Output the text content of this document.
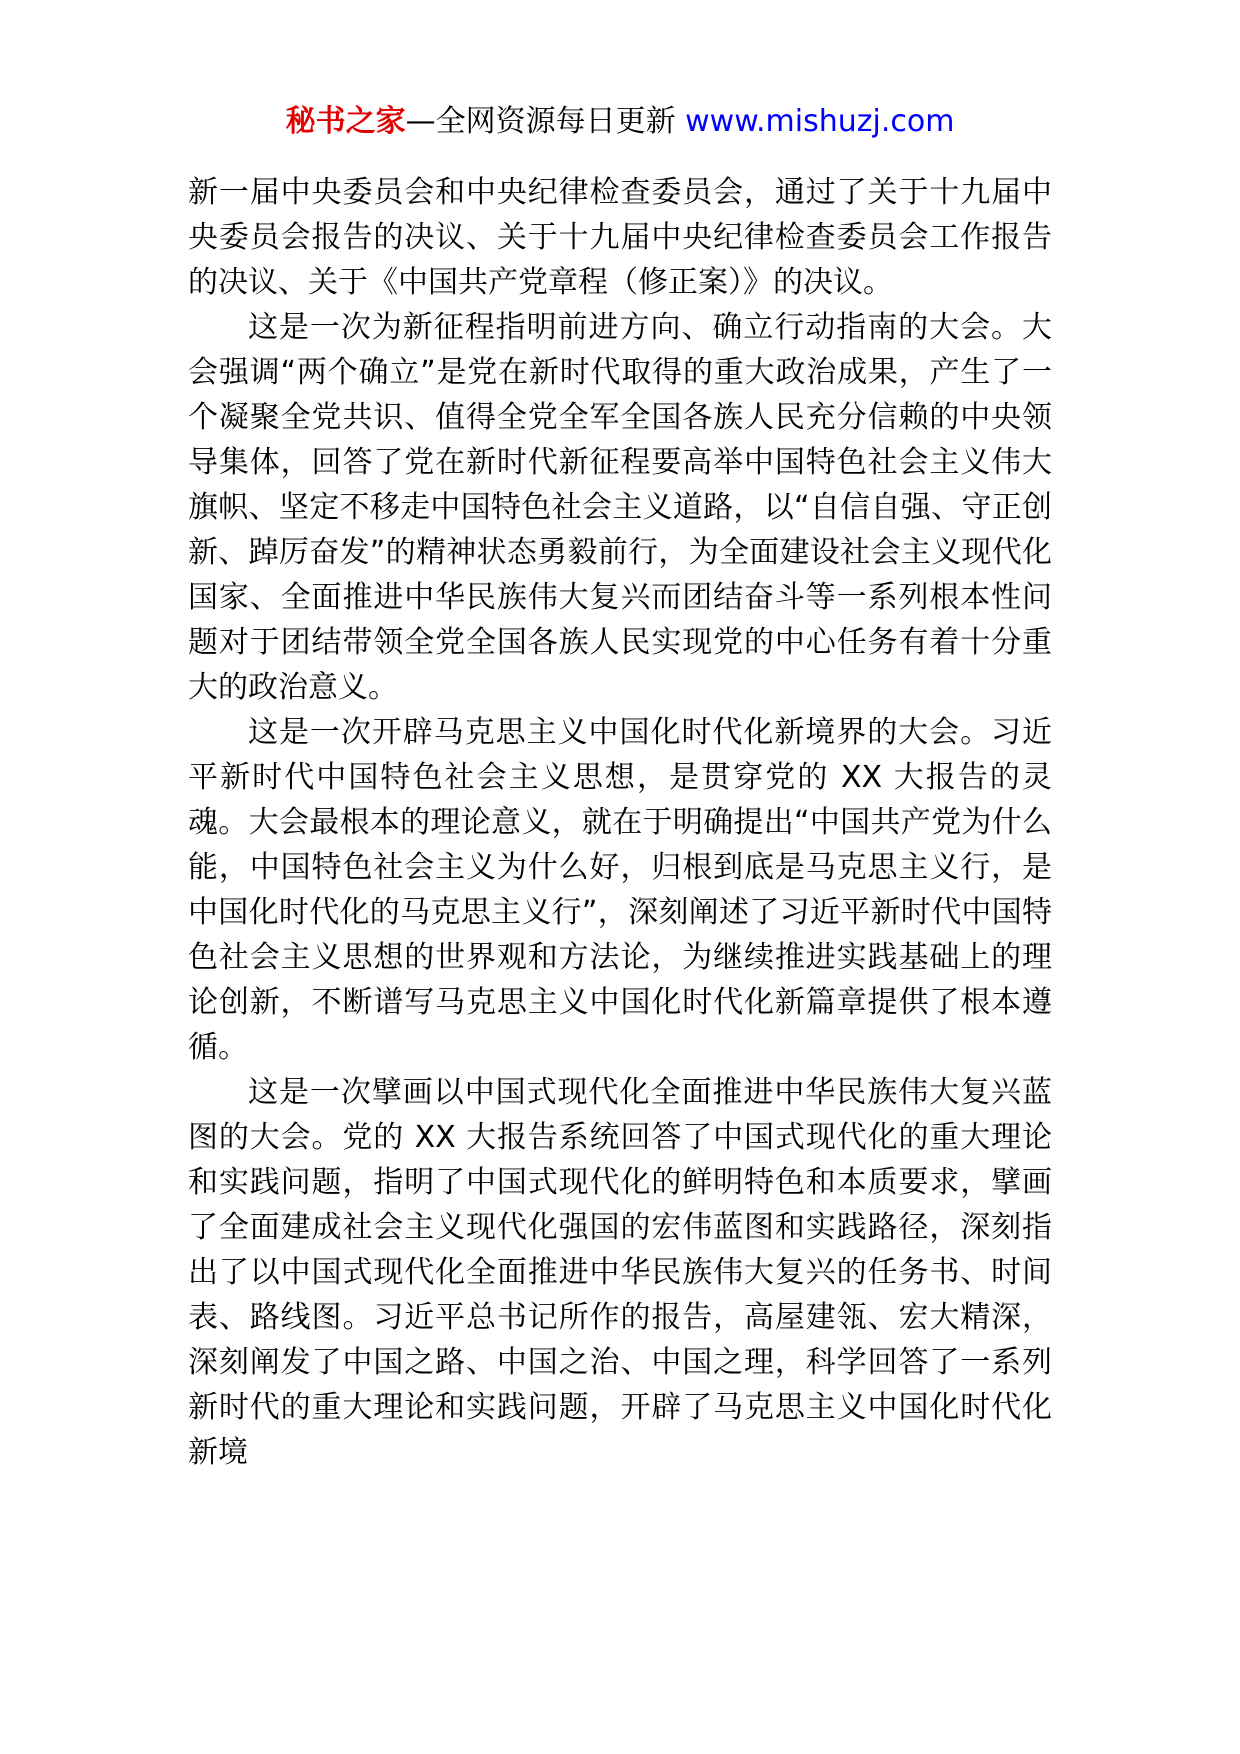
秘书之家—全网资源每日更新 www.mishuzj.com

新一届中央委员会和中央纪律检查委员会，通过了关于十九届中央委员会报告的决议、关于十九届中央纪律检查委员会工作报告的决议、关于《中国共产党章程（修正案）》的决议。

这是一次为新征程指明前进方向、确立行动指南的大会。大会强调“两个确立”是党在新时代取得的重大政治成果，产生了一个凝聚全党共识、值得全党全军全国各族人民充分信赖的中央领导集体，回答了党在新时代新征程要高举中国特色社会主义伟大旗帜、坚定不移走中国特色社会主义道路，以“自信自强、守正创新、踔厉奋发”的精神状态勇毅前行，为全面建设社会主义现代化国家、全面推进中华民族伟大复兴而团结奋斗等一系列根本性问题对于团结带领全党全国各族人民实现党的中心任务有着十分重大的政治意义。

这是一次开辟马克思主义中国化时代化新境界的大会。习近平新时代中国特色社会主义思想，是贯穿党的 XX 大报告的灵魂。大会最根本的理论意义，就在于明确提出“中国共产党为什么能，中国特色社会主义为什么好，归根到底是马克思主义行，是中国化时代化的马克思主义行”，深刻阐述了习近平新时代中国特色社会主义思想的世界观和方法论，为继续推进实践基础上的理论创新，不断谱写马克思主义中国化时代化新篇章提供了根本遵循。

这是一次擘画以中国式现代化全面推进中华民族伟大复兴蓝图的大会。党的 XX 大报告系统回答了中国式现代化的重大理论和实践问题，指明了中国式现代化的鲜明特色和本质要求，擘画了全面建成社会主义现代化强国的宏伟蓝图和实践路径，深刻指出了以中国式现代化全面推进中华民族伟大复兴的任务书、时间表、路线图。习近平总书记所作的报告，高屋建瓴、宏大精深，深刻阐发了中国之路、中国之治、中国之理，科学回答了一系列新时代的重大理论和实践问题，开辟了马克思主义中国化时代化新境
